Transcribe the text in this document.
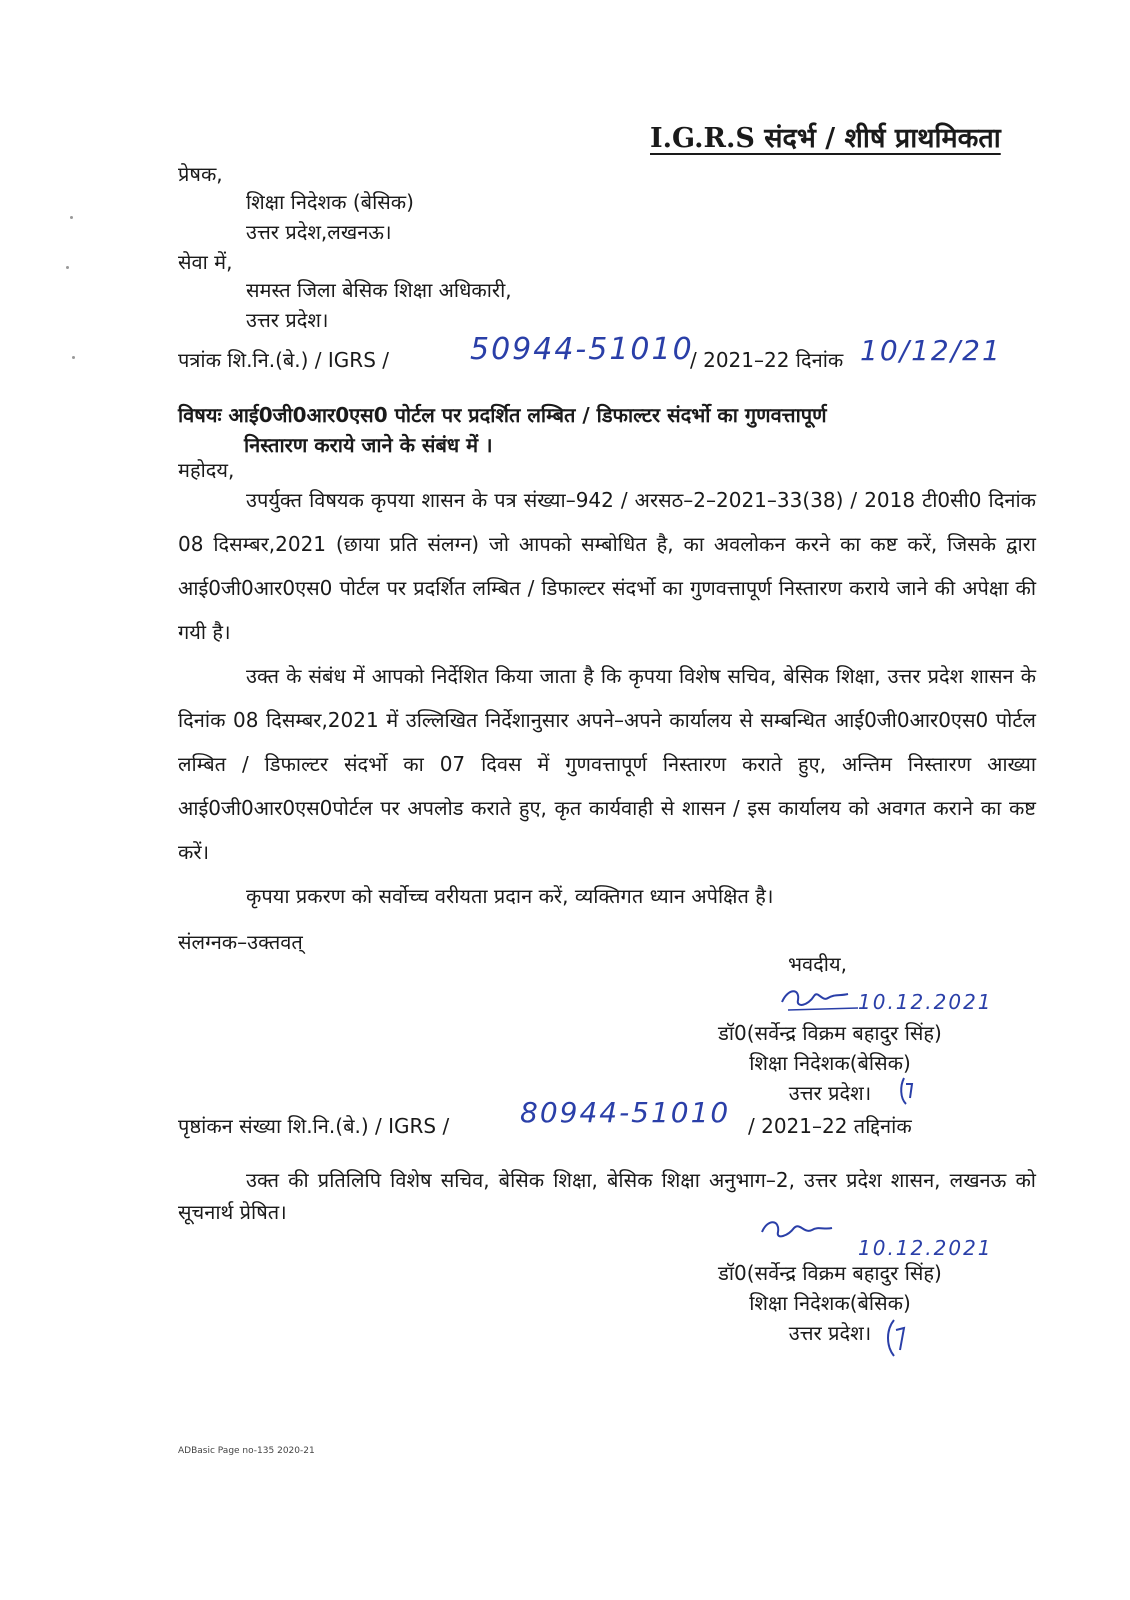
I.G.R.S संदर्भ / शीर्ष प्राथमिकता
प्रेषक,
शिक्षा निदेशक (बेसिक)
उत्तर प्रदेश,लखनऊ।
सेवा में,
समस्त जिला बेसिक शिक्षा अधिकारी,
उत्तर प्रदेश।
पत्रांक शि.नि.(बे.) / IGRS /	50944-51010
/ 2021–22 दिनांक 10/12/21
विषयः आई0जी0आर0एस0 पोर्टल पर प्रदर्शित लम्बित / डिफाल्टर संदर्भो का गुणवत्तापूर्ण
निस्तारण कराये जाने के संबंध में ।
महोदय,
उपर्युक्त विषयक कृपया शासन के पत्र संख्या–942 / अरसठ–2–2021–33(38) / 2018 टी0सी0 दिनांक 08 दिसम्बर,2021 (छाया प्रति संलग्न) जो आपको सम्बोधित है, का अवलोकन करने का कष्ट करें, जिसके द्वारा आई0जी0आर0एस0 पोर्टल पर प्रदर्शित लम्बित / डिफाल्टर संदर्भो का गुणवत्तापूर्ण निस्तारण कराये जाने की अपेक्षा की गयी है।
उक्त के संबंध में आपको निर्देशित किया जाता है कि कृपया विशेष सचिव, बेसिक शिक्षा, उत्तर प्रदेश शासन के दिनांक 08 दिसम्बर,2021 में उल्लिखित निर्देशानुसार अपने–अपने कार्यालय से सम्बन्धित आई0जी0आर0एस0 पोर्टल लम्बित / डिफाल्टर संदर्भो का 07 दिवस में गुणवत्तापूर्ण निस्तारण कराते हुए, अन्तिम निस्तारण आख्या आई0जी0आर0एस0पोर्टल पर अपलोड कराते हुए, कृत कार्यवाही से शासन / इस कार्यालय को अवगत कराने का कष्ट करें।
कृपया प्रकरण को सर्वोच्च वरीयता प्रदान करें, व्यक्तिगत ध्यान अपेक्षित है।
संलग्नक–उक्तवत्
भवदीय,
10.12.2021
डॉ0(सर्वेन्द्र विक्रम बहादुर सिंह)
शिक्षा निदेशक(बेसिक)
उत्तर प्रदेश।
पृष्ठांकन संख्या शि.नि.(बे.) / IGRS /	80944-51010 / 2021–22 तद्दिनांक
उक्त की प्रतिलिपि विशेष सचिव, बेसिक शिक्षा, बेसिक शिक्षा अनुभाग–2, उत्तर प्रदेश शासन, लखनऊ को सूचनार्थ प्रेषित।
10.12.2021
डॉ0(सर्वेन्द्र विक्रम बहादुर सिंह)
शिक्षा निदेशक(बेसिक)
उत्तर प्रदेश।
ADBasic Page no-135 2020-21
